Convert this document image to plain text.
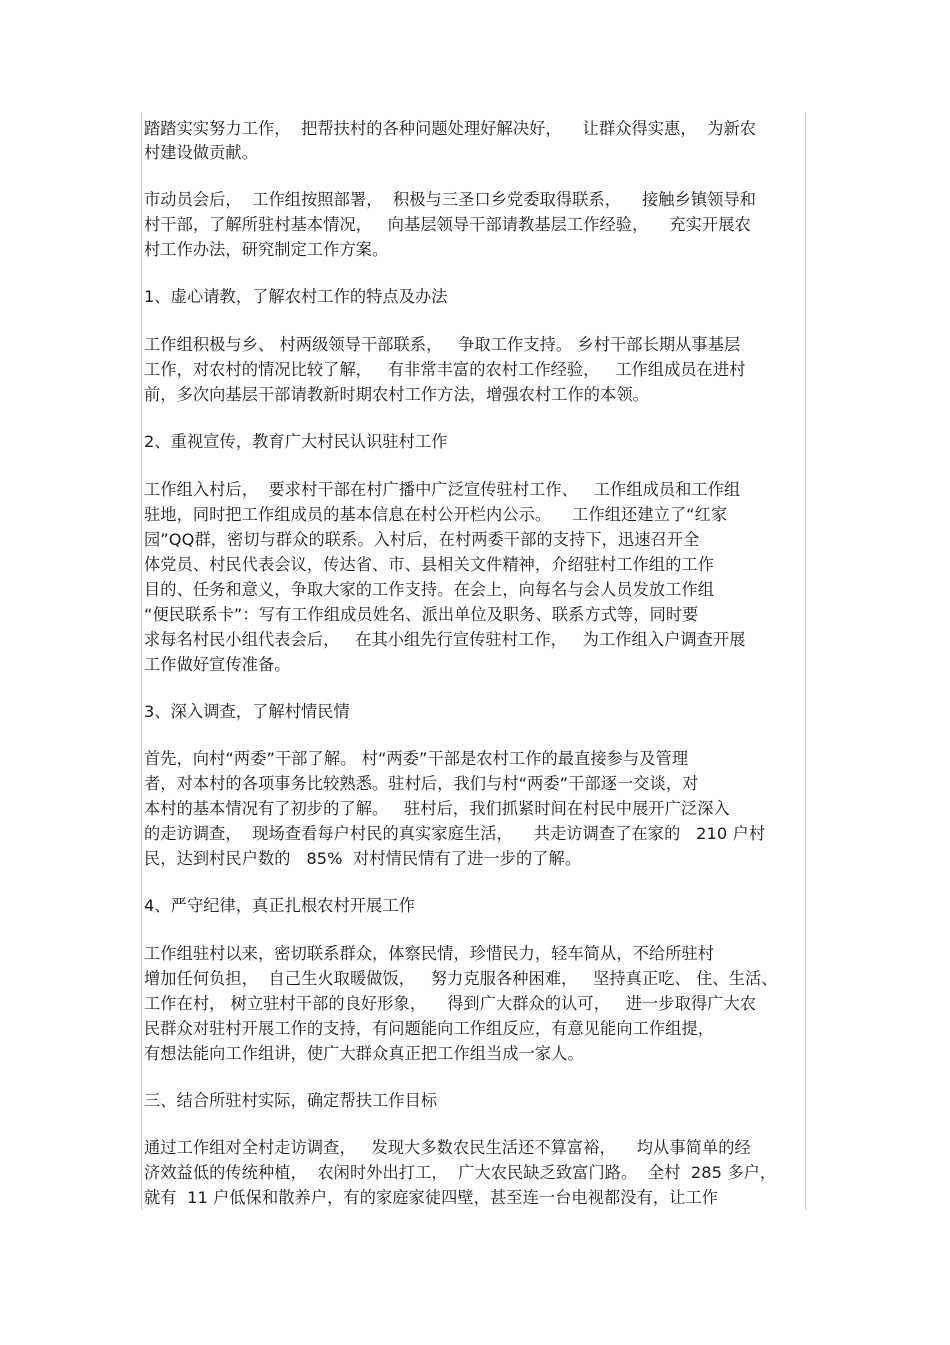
踏踏实实努力工作，  把帮扶村的各种问题处理好解决好，    让群众得实惠，  为新农
村建设做贡献。
市动员会后，  工作组按照部署，  积极与三圣口乡党委取得联系，    接触乡镇领导和
村干部，了解所驻村基本情况，   向基层领导干部请教基层工作经验，    充实开展农
村工作办法，研究制定工作方案。
1、虚心请教，了解农村工作的特点及办法
工作组积极与乡、 村两级领导干部联系，   争取工作支持。 乡村干部长期从事基层
工作，对农村的情况比较了解，   有非常丰富的农村工作经验，   工作组成员在进村
前，多次向基层干部请教新时期农村工作方法，增强农村工作的本领。
2、重视宣传，教育广大村民认识驻村工作
工作组入村后，  要求村干部在村广播中广泛宣传驻村工作、   工作组成员和工作组
驻地，同时把工作组成员的基本信息在村公开栏内公示。    工作组还建立了“红家
园”QQ群，密切与群众的联系。入村后，在村两委干部的支持下，迅速召开全
体党员、村民代表会议，传达省、市、县相关文件精神，介绍驻村工作组的工作
目的、任务和意义，争取大家的工作支持。在会上，向每名与会人员发放工作组
“便民联系卡”：写有工作组成员姓名、派出单位及职务、联系方式等，同时要
求每名村民小组代表会后，   在其小组先行宣传驻村工作，   为工作组入户调查开展
工作做好宣传准备。
3、深入调查，了解村情民情
首先，向村“两委”干部了解。 村“两委”干部是农村工作的最直接参与及管理
者，对本村的各项事务比较熟悉。驻村后，我们与村“两委”干部逐一交谈，对
本村的基本情况有了初步的了解。   驻村后，我们抓紧时间在村民中展开广泛深入
的走访调查，  现场查看每户村民的真实家庭生活，    共走访调查了在家的   210 户村
民，达到村民户数的   85%  对村情民情有了进一步的了解。
4、严守纪律，真正扎根农村开展工作
工作组驻村以来，密切联系群众，体察民情，珍惜民力，轻车简从，不给所驻村
增加任何负担，  自己生火取暖做饭，   努力克服各种困难，   坚持真正吃、 住、生活、
工作在村， 树立驻村干部的良好形象，    得到广大群众的认可，   进一步取得广大农
民群众对驻村开展工作的支持，有问题能向工作组反应，有意见能向工作组提，
有想法能向工作组讲，使广大群众真正把工作组当成一家人。
三、结合所驻村实际，确定帮扶工作目标
通过工作组对全村走访调查，   发现大多数农民生活还不算富裕，    均从事简单的经
济效益低的传统种植，  农闲时外出打工，  广大农民缺乏致富门路。  全村  285 多户，
就有  11 户低保和散养户，有的家庭家徒四壁，甚至连一台电视都没有，让工作
